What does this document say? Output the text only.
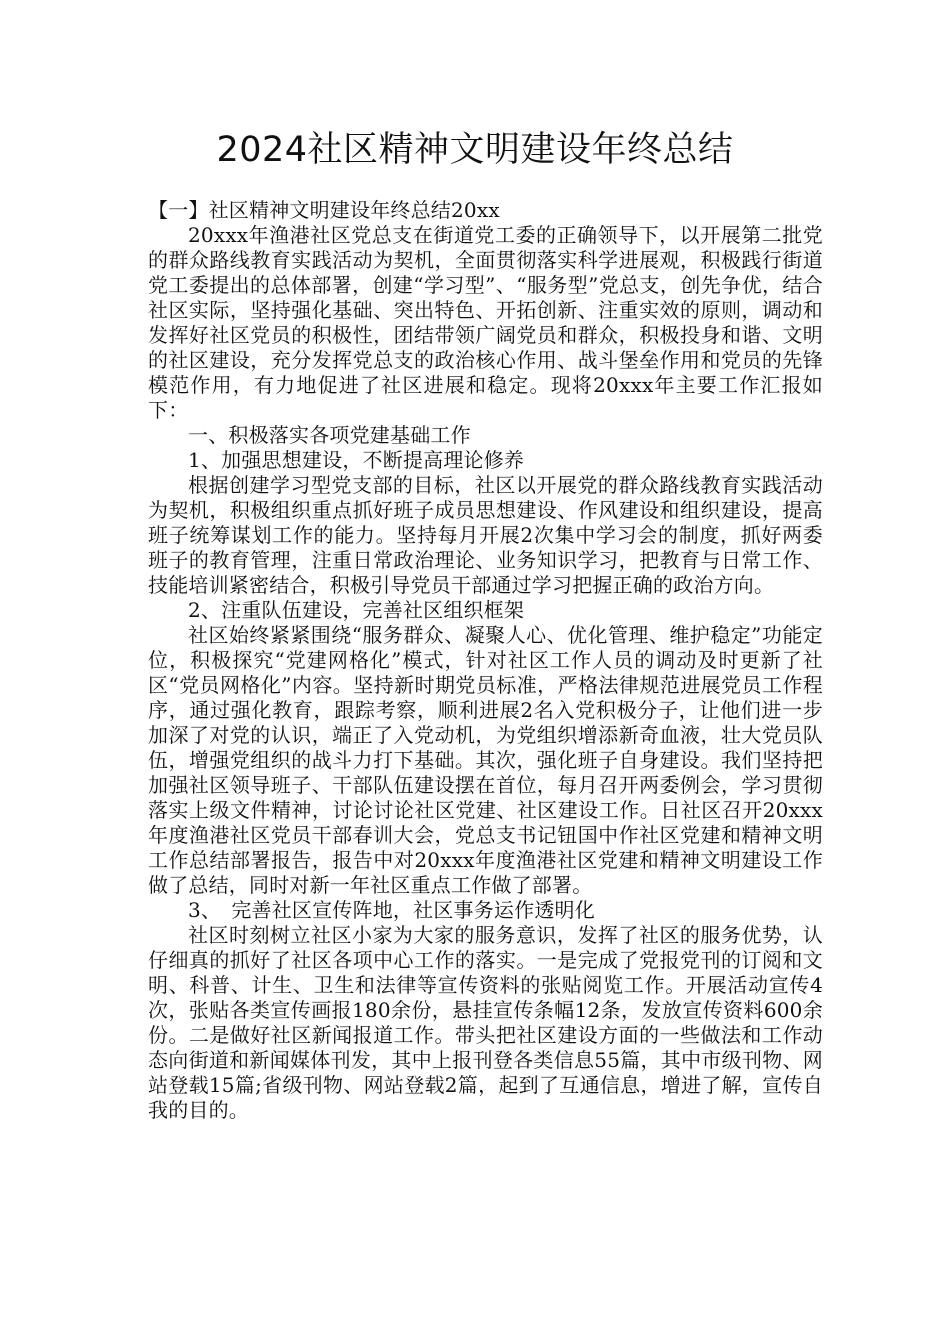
2024社区精神文明建设年终总结

【一】社区精神文明建设年终总结20xx

20xxx年渔港社区党总支在街道党工委的正确领导下，以开展第二批党的群众路线教育实践活动为契机，全面贯彻落实科学进展观，积极践行街道党工委提出的总体部署，创建“学习型”、“服务型”党总支，创先争优，结合社区实际，坚持强化基础、突出特色、开拓创新、注重实效的原则，调动和发挥好社区党员的积极性，团结带领广阔党员和群众，积极投身和谐、文明的社区建设，充分发挥党总支的政治核心作用、战斗堡垒作用和党员的先锋模范作用，有力地促进了社区进展和稳定。现将20xxx年主要工作汇报如下：

一、积极落实各项党建基础工作

1、加强思想建设，不断提高理论修养

根据创建学习型党支部的目标，社区以开展党的群众路线教育实践活动为契机，积极组织重点抓好班子成员思想建设、作风建设和组织建设，提高班子统筹谋划工作的能力。坚持每月开展2次集中学习会的制度，抓好两委班子的教育管理，注重日常政治理论、业务知识学习，把教育与日常工作、技能培训紧密结合，积极引导党员干部通过学习把握正确的政治方向。

2、注重队伍建设，完善社区组织框架

社区始终紧紧围绕“服务群众、凝聚人心、优化管理、维护稳定”功能定位，积极探究“党建网格化”模式，针对社区工作人员的调动及时更新了社区“党员网格化”内容。坚持新时期党员标准，严格法律规范进展党员工作程序，通过强化教育，跟踪考察，顺利进展2名入党积极分子，让他们进一步加深了对党的认识，端正了入党动机，为党组织增添新奇血液，壮大党员队伍，增强党组织的战斗力打下基础。其次，强化班子自身建设。我们坚持把加强社区领导班子、干部队伍建设摆在首位，每月召开两委例会，学习贯彻落实上级文件精神，讨论讨论社区党建、社区建设工作。日社区召开20xxx年度渔港社区党员干部春训大会，党总支书记钮国中作社区党建和精神文明工作总结部署报告，报告中对20xxx年度渔港社区党建和精神文明建设工作做了总结，同时对新一年社区重点工作做了部署。

3、　完善社区宣传阵地，社区事务运作透明化

社区时刻树立社区小家为大家的服务意识，发挥了社区的服务优势，认仔细真的抓好了社区各项中心工作的落实。一是完成了党报党刊的订阅和文明、科普、计生、卫生和法律等宣传资料的张贴阅览工作。开展活动宣传4次，张贴各类宣传画报180余份，悬挂宣传条幅12条，发放宣传资料600余份。二是做好社区新闻报道工作。带头把社区建设方面的一些做法和工作动态向街道和新闻媒体刊发，其中上报刊登各类信息55篇，其中市级刊物、网站登载15篇;省级刊物、网站登载2篇，起到了互通信息，增进了解，宣传自我的目的。
